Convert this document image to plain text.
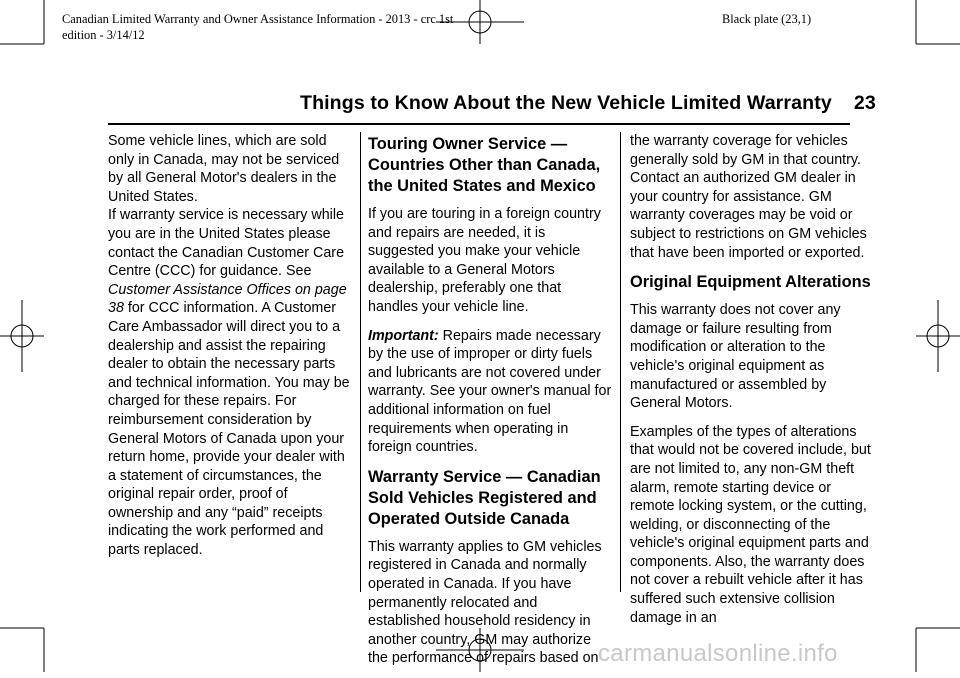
Canadian Limited Warranty and Owner Assistance Information - 2013 - crc 1st
edition - 3/14/12
Black plate (23,1)
Things to Know About the New Vehicle Limited Warranty 23

Some vehicle lines, which are sold only in Canada, may not be serviced by all General Motor's dealers in the United States.

If warranty service is necessary while you are in the United States please contact the Canadian Customer Care Centre (CCC) for guidance. See Customer Assistance Offices on page 38 for CCC information. A Customer Care Ambassador will direct you to a dealership and assist the repairing dealer to obtain the necessary parts and technical information. You may be charged for these repairs. For reimbursement consideration by General Motors of Canada upon your return home, provide your dealer with a statement of circumstances, the original repair order, proof of ownership and any “paid” receipts indicating the work performed and parts replaced.

Touring Owner Service — Countries Other than Canada, the United States and Mexico

If you are touring in a foreign country and repairs are needed, it is suggested you make your vehicle available to a General Motors dealership, preferably one that handles your vehicle line.

Important: Repairs made necessary by the use of improper or dirty fuels and lubricants are not covered under warranty. See your owner's manual for additional information on fuel requirements when operating in foreign countries.

Warranty Service — Canadian Sold Vehicles Registered and Operated Outside Canada

This warranty applies to GM vehicles registered in Canada and normally operated in Canada. If you have permanently relocated and established household residency in another country, GM may authorize the performance of repairs based on

the warranty coverage for vehicles generally sold by GM in that country. Contact an authorized GM dealer in your country for assistance. GM warranty coverages may be void or subject to restrictions on GM vehicles that have been imported or exported.

Original Equipment Alterations

This warranty does not cover any damage or failure resulting from modification or alteration to the vehicle's original equipment as manufactured or assembled by General Motors.

Examples of the types of alterations that would not be covered include, but are not limited to, any non-GM theft alarm, remote starting device or remote locking system, or the cutting, welding, or disconnecting of the vehicle's original equipment parts and components. Also, the warranty does not cover a rebuilt vehicle after it has suffered such extensive collision damage in an

carmanualsonline.info
